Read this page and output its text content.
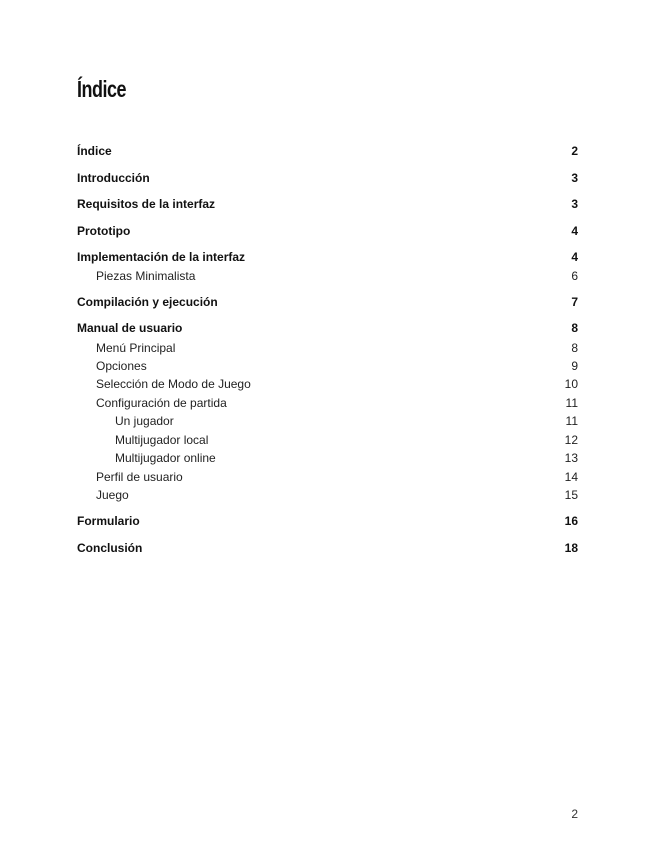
Índice
Índice	2
Introducción	3
Requisitos de la interfaz	3
Prototipo	4
Implementación de la interfaz	4
Piezas Minimalista	6
Compilación y ejecución	7
Manual de usuario	8
Menú Principal	8
Opciones	9
Selección de Modo de Juego	10
Configuración de partida	11
Un jugador	11
Multijugador local	12
Multijugador online	13
Perfil de usuario	14
Juego	15
Formulario	16
Conclusión	18
2
